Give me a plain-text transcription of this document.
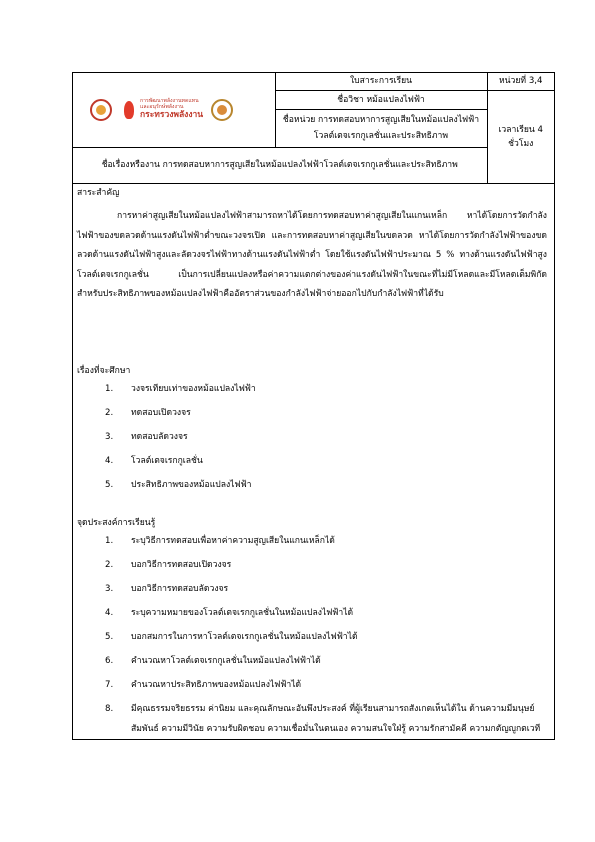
การพัฒนาพลังงานทดแทน
และอนุรักษ์พลังงาน
กระทรวงพลังงาน	ใบสาระการเรียน	หน่วยที่ 3,4
	ชื่อวิชา หม้อแปลงไฟฟ้า	เวลาเรียน 4 ชั่วโมง
	ชื่อหน่วย การทดสอบหาการสูญเสียในหม้อแปลงไฟฟ้าโวลต์เตจเรกกูเลชั่นและประสิทธิภาพ	
ชื่อเรื่องหรืองาน การทดสอบหาการสูญเสียในหม้อแปลงไฟฟ้าโวลต์เตจเรกกูเลชั่นและประสิทธิภาพ		
สาระสำคัญ
การหาค่าสูญเสียในหม้อแปลงไฟฟ้าสามารถหาได้โดยการทดสอบหาค่าสูญเสียในแกนเหล็ก หาได้โดยการวัดกำลังไฟฟ้าของขดลวดด้านแรงดันไฟฟ้าต่ำขณะวงจรเปิด และการทดสอบหาค่าสูญเสียในขดลวด หาได้โดยการวัดกำลังไฟฟ้าของขดลวดด้านแรงดันไฟฟ้าสูงและลัดวงจรไฟฟ้าทางด้านแรงดันไฟฟ้าต่ำ โดยใช้แรงดันไฟฟ้าประมาณ 5 % ทางด้านแรงดันไฟฟ้าสูงโวลต์เตจเรกกูเลชั่น เป็นการเปลี่ยนแปลงหรือค่าความแตกต่างของค่าแรงดันไฟฟ้าในขณะที่ไม่มีโหลดและมีโหลดเต็มพิกัด สำหรับประสิทธิภาพของหม้อแปลงไฟฟ้าคืออัตราส่วนของกำลังไฟฟ้าจ่ายออกไปกับกำลังไฟฟ้าที่ได้รับ
เรื่องที่จะศึกษา
1.	วงจรเทียบเท่าของหม้อแปลงไฟฟ้า
2.	ทดสอบเปิดวงจร
3.	ทดสอบลัดวงจร
4.	โวลต์เตจเรกกูเลชั่น
5.	ประสิทธิภาพของหม้อแปลงไฟฟ้า
จุดประสงค์การเรียนรู้
1.	ระบุวิธีการทดสอบเพื่อหาค่าความสูญเสียในแกนเหล็กได้
2.	บอกวิธีการทดสอบเปิดวงจร
3.	บอกวิธีการทดสอบลัดวงจร
4.	ระบุความหมายของโวลต์เตจเรกกูเลชั่นในหม้อแปลงไฟฟ้าได้
5.	บอกสมการในการหาโวลต์เตจเรกกูเลชั่นในหม้อแปลงไฟฟ้าได้
6.	คำนวณหาโวลต์เตจเรกกูเลชั่นในหม้อแปลงไฟฟ้าได้
7.	คำนวณหาประสิทธิภาพของหม้อแปลงไฟฟ้าได้
8.	มีคุณธรรมจริยธรรม ค่านิยม และคุณลักษณะอันพึงประสงค์ ที่ผู้เรียนสามารถสังเกตเห็นได้ใน ด้านความมีมนุษย์ สัมพันธ์ ความมีวินัย ความรับผิดชอบ ความเชื่อมั่นในตนเอง ความสนใจใฝ่รู้ ความรักสามัคคี ความกตัญญูกตเวที
